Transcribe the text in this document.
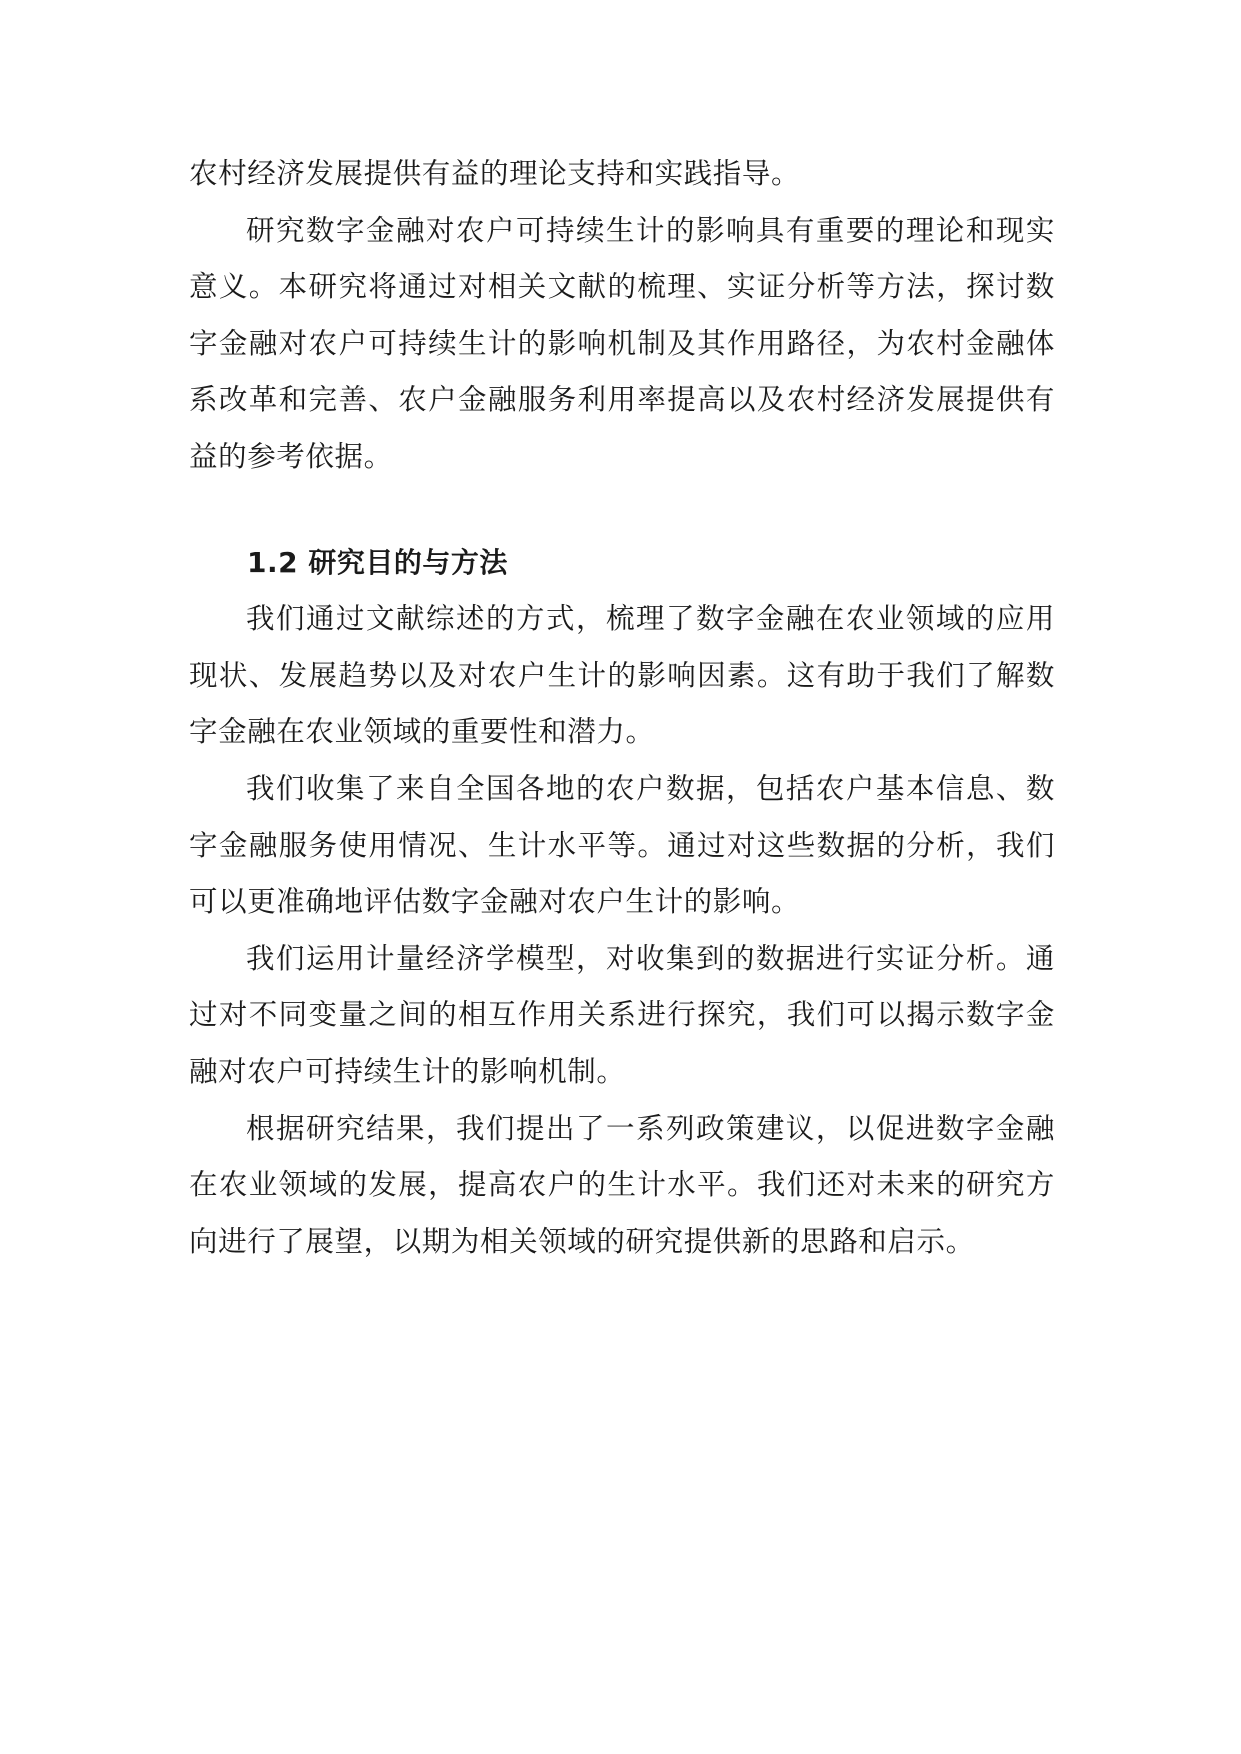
农村经济发展提供有益的理论支持和实践指导。

研究数字金融对农户可持续生计的影响具有重要的理论和现实意义。本研究将通过对相关文献的梳理、实证分析等方法，探讨数字金融对农户可持续生计的影响机制及其作用路径，为农村金融体系改革和完善、农户金融服务利用率提高以及农村经济发展提供有益的参考依据。

1.2 研究目的与方法

我们通过文献综述的方式，梳理了数字金融在农业领域的应用现状、发展趋势以及对农户生计的影响因素。这有助于我们了解数字金融在农业领域的重要性和潜力。

我们收集了来自全国各地的农户数据，包括农户基本信息、数字金融服务使用情况、生计水平等。通过对这些数据的分析，我们可以更准确地评估数字金融对农户生计的影响。

我们运用计量经济学模型，对收集到的数据进行实证分析。通过对不同变量之间的相互作用关系进行探究，我们可以揭示数字金融对农户可持续生计的影响机制。

根据研究结果，我们提出了一系列政策建议，以促进数字金融在农业领域的发展，提高农户的生计水平。我们还对未来的研究方向进行了展望，以期为相关领域的研究提供新的思路和启示。
